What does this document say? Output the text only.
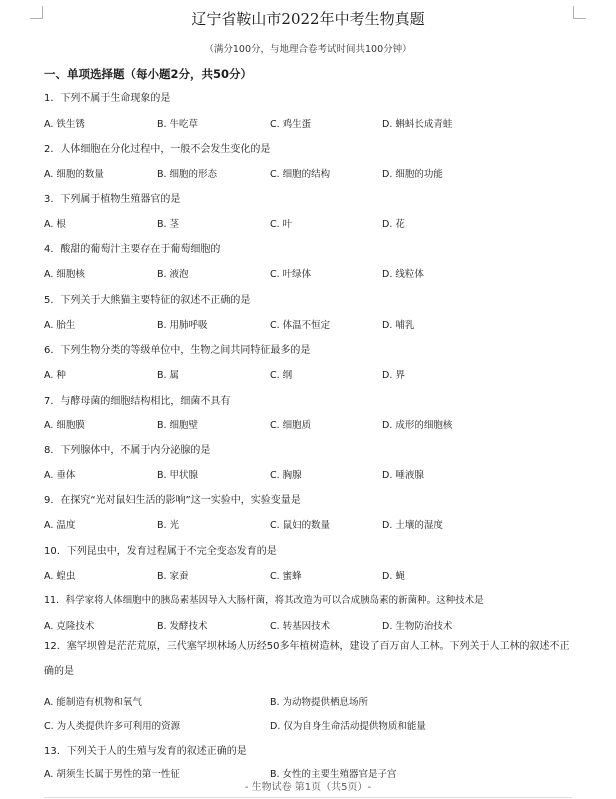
辽宁省鞍山市2022年中考生物真题
（满分100分，与地理合卷考试时间共100分钟）
一、单项选择题（每小题2分，共50分）
1．下列不属于生命现象的是
A. 铁生锈	B. 牛吃草	C. 鸡生蛋	D. 蝌蚪长成青蛙
2．人体细胞在分化过程中，一般不会发生变化的是
A. 细胞的数量	B. 细胞的形态	C. 细胞的结构	D. 细胞的功能
3．下列属于植物生殖器官的是
A. 根	B. 茎	C. 叶	D. 花
4．酸甜的葡萄汁主要存在于葡萄细胞的
A. 细胞核	B. 液泡	C. 叶绿体	D. 线粒体
5．下列关于大熊猫主要特征的叙述不正确的是
A. 胎生	B. 用肺呼吸	C. 体温不恒定	D. 哺乳
6．下列生物分类的等级单位中，生物之间共同特征最多的是
A. 种	B. 属	C. 纲	D. 界
7．与酵母菌的细胞结构相比，细菌不具有
A. 细胞膜	B. 细胞壁	C. 细胞质	D. 成形的细胞核
8．下列腺体中，不属于内分泌腺的是
A. 垂体	B. 甲状腺	C. 胸腺	D. 唾液腺
9．在探究“光对鼠妇生活的影响”这一实验中，实验变量是
A. 温度	B. 光	C. 鼠妇的数量	D. 土壤的湿度
10．下列昆虫中，发育过程属于不完全变态发育的是
A. 蝗虫	B. 家蚕	C. 蜜蜂	D. 蝇
11．科学家将人体细胞中的胰岛素基因导入大肠杆菌，将其改造为可以合成胰岛素的新菌种。这种技术是
A. 克隆技术	B. 发酵技术	C. 转基因技术	D. 生物防治技术
12．塞罕坝曾是茫茫荒原，三代塞罕坝林场人历经50多年植树造林，建设了百万亩人工林。下列关于人工林的叙述不正确的是
A. 能制造有机物和氧气	B. 为动物提供栖息场所
C. 为人类提供许多可利用的资源	D. 仅为自身生命活动提供物质和能量
13．下列关于人的生殖与发育的叙述正确的是
A. 胡须生长属于男性的第一性征	B. 女性的主要生殖器官是子宫
- 生物试卷 第1页（共5页）-
